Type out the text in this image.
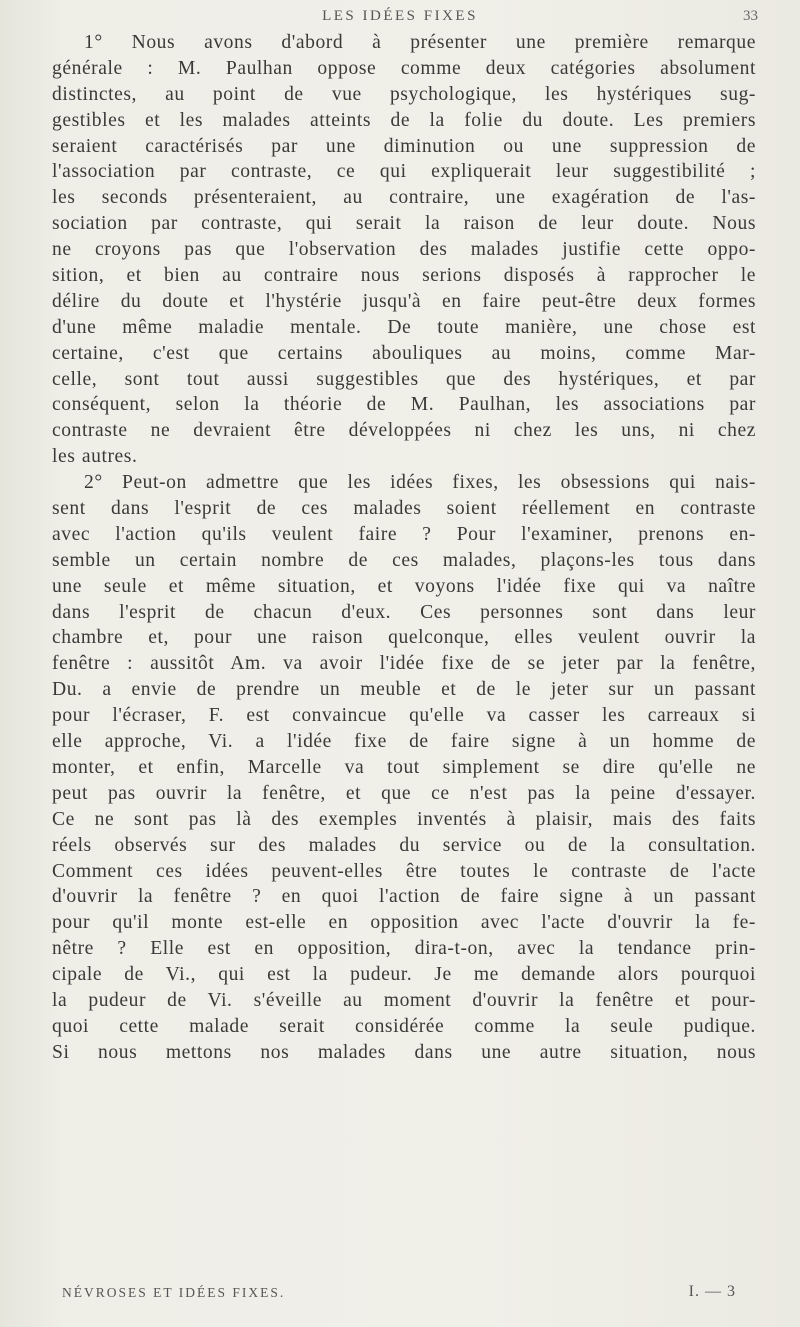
LES IDÉES FIXES	33
1° Nous avons d'abord à présenter une première remarque
générale : M. Paulhan oppose comme deux catégories absolument
distinctes, au point de vue psychologique, les hystériques sug-
gestibles et les malades atteints de la folie du doute. Les premiers
seraient caractérisés par une diminution ou une suppression de
l'association par contraste, ce qui expliquerait leur suggestibilité ;
les seconds présenteraient, au contraire, une exagération de l'as-
sociation par contraste, qui serait la raison de leur doute. Nous
ne croyons pas que l'observation des malades justifie cette oppo-
sition, et bien au contraire nous serions disposés à rapprocher le
délire du doute et l'hystérie jusqu'à en faire peut-être deux formes
d'une même maladie mentale. De toute manière, une chose est
certaine, c'est que certains abouliques au moins, comme Mar-
celle, sont tout aussi suggestibles que des hystériques, et par
conséquent, selon la théorie de M. Paulhan, les associations par
contraste ne devraient être développées ni chez les uns, ni chez
les autres.
2° Peut-on admettre que les idées fixes, les obsessions qui nais-
sent dans l'esprit de ces malades soient réellement en contraste
avec l'action qu'ils veulent faire ? Pour l'examiner, prenons en-
semble un certain nombre de ces malades, plaçons-les tous dans
une seule et même situation, et voyons l'idée fixe qui va naître
dans l'esprit de chacun d'eux. Ces personnes sont dans leur
chambre et, pour une raison quelconque, elles veulent ouvrir la
fenêtre : aussitôt Am. va avoir l'idée fixe de se jeter par la fenêtre,
Du. a envie de prendre un meuble et de le jeter sur un passant
pour l'écraser, F. est convaincue qu'elle va casser les carreaux si
elle approche, Vi. a l'idée fixe de faire signe à un homme de
monter, et enfin, Marcelle va tout simplement se dire qu'elle ne
peut pas ouvrir la fenêtre, et que ce n'est pas la peine d'essayer.
Ce ne sont pas là des exemples inventés à plaisir, mais des faits
réels observés sur des malades du service ou de la consultation.
Comment ces idées peuvent-elles être toutes le contraste de l'acte
d'ouvrir la fenêtre ? en quoi l'action de faire signe à un passant
pour qu'il monte est-elle en opposition avec l'acte d'ouvrir la fe-
nêtre ? Elle est en opposition, dira-t-on, avec la tendance prin-
cipale de Vi., qui est la pudeur. Je me demande alors pourquoi
la pudeur de Vi. s'éveille au moment d'ouvrir la fenêtre et pour-
quoi cette malade serait considérée comme la seule pudique.
Si nous mettons nos malades dans une autre situation, nous
NÉVROSES ET IDÉES FIXES.	I. — 3
